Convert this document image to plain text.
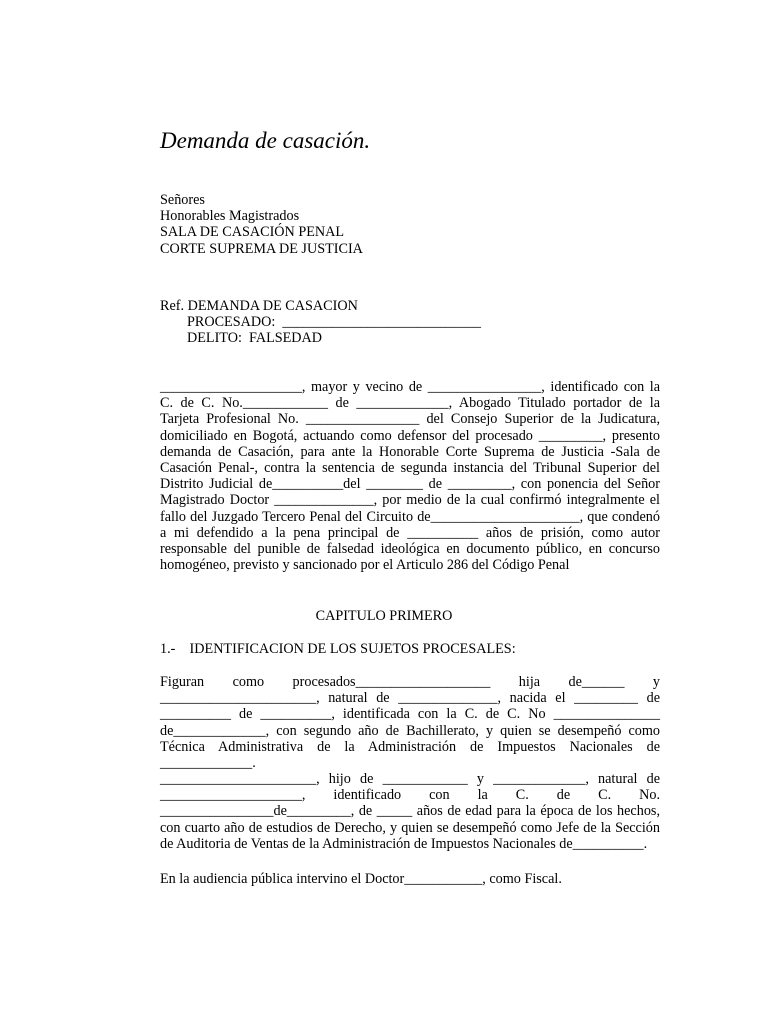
Demanda de casación.
Señores
Honorables Magistrados
SALA DE CASACIÓN PENAL
CORTE SUPREMA DE JUSTICIA
Ref. DEMANDA DE CASACION
PROCESADO:  ____________________________
DELITO:  FALSEDAD

____________________, mayor y vecino de ________________, identificado con la C. de C. No.____________ de _____________, Abogado Titulado portador de la Tarjeta Profesional No. ________________ del Consejo Superior de la Judicatura, domiciliado en Bogotá, actuando como defensor del procesado _________, presento demanda de Casación, para ante la Honorable Corte Suprema de Justicia -Sala de Casación Penal-, contra la sentencia de segunda instancia del Tribunal Superior del Distrito Judicial de__________del ________ de _________, con ponencia del Señor Magistrado Doctor ______________, por medio de la cual confirmó integralmente el fallo del Juzgado Tercero Penal del Circuito de_____________________, que condenó a mi defendido a la pena principal de __________ años de prisión, como autor responsable del punible de falsedad ideológica en documento público, en concurso homogéneo, previsto y sancionado por el Articulo 286 del Código Penal

CAPITULO PRIMERO
1.-    IDENTIFICACION DE LOS SUJETOS PROCESALES:

Figuran como procesados___________________ hija de______ y ______________________, natural de ______________, nacida el _________ de __________ de __________, identificada con la C. de C. No _______________ de_____________, con segundo año de Bachillerato, y quien se desempeñó como Técnica Administrativa de la Administración de Impuestos Nacionales de _____________.

______________________, hijo de ____________ y _____________, natural de ____________________, identificado con la C. de C. No. ________________de_________, de _____ años de edad para la época de los hechos, con cuarto año de estudios de Derecho, y quien se desempeñó como Jefe de la Sección de Auditoria de Ventas de la Administración de Impuestos Nacionales de__________.

En la audiencia pública intervino el Doctor___________, como Fiscal.
